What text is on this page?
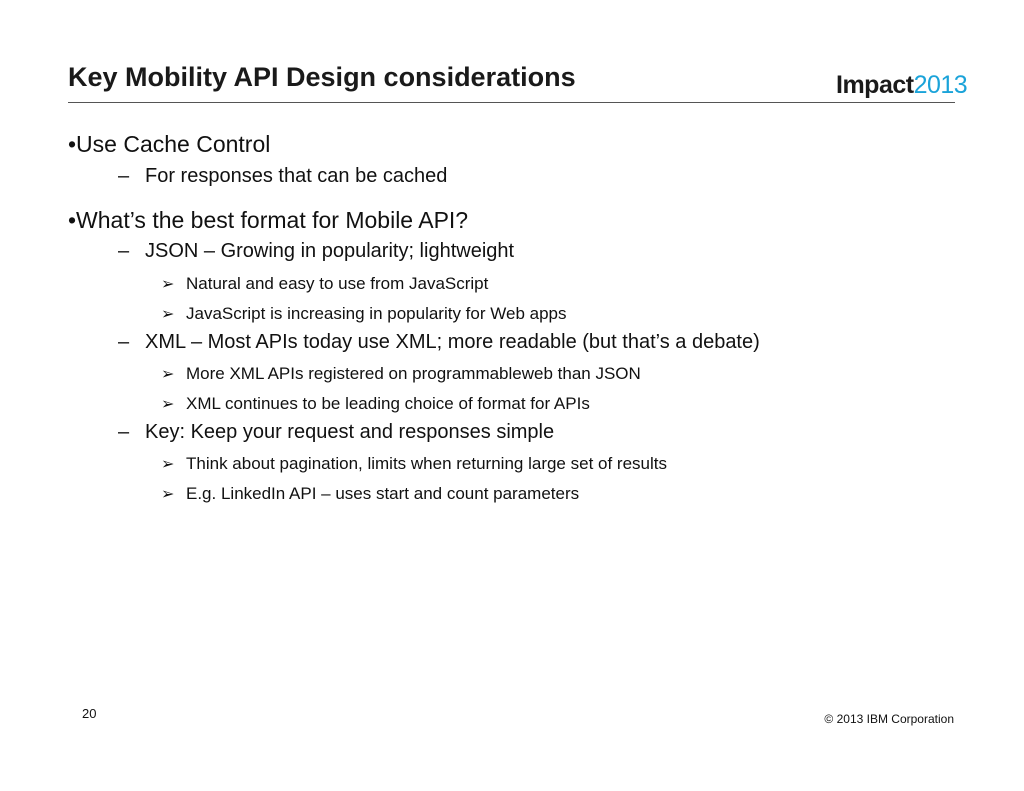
Key Mobility API Design considerations	Impact2013
•Use Cache Control
– For responses that can be cached
•What’s the best format for Mobile API?
– JSON – Growing in popularity; lightweight
➢ Natural and easy to use from JavaScript
➢ JavaScript is increasing in popularity for Web apps
– XML – Most APIs today use XML; more readable (but that’s a debate)
➢ More XML APIs registered on programmableweb than JSON
➢ XML continues to be leading choice of format for APIs
– Key: Keep your request and responses simple
➢ Think about pagination, limits when returning large set of results
➢ E.g. LinkedIn API – uses start and count parameters
20	© 2013 IBM Corporation
